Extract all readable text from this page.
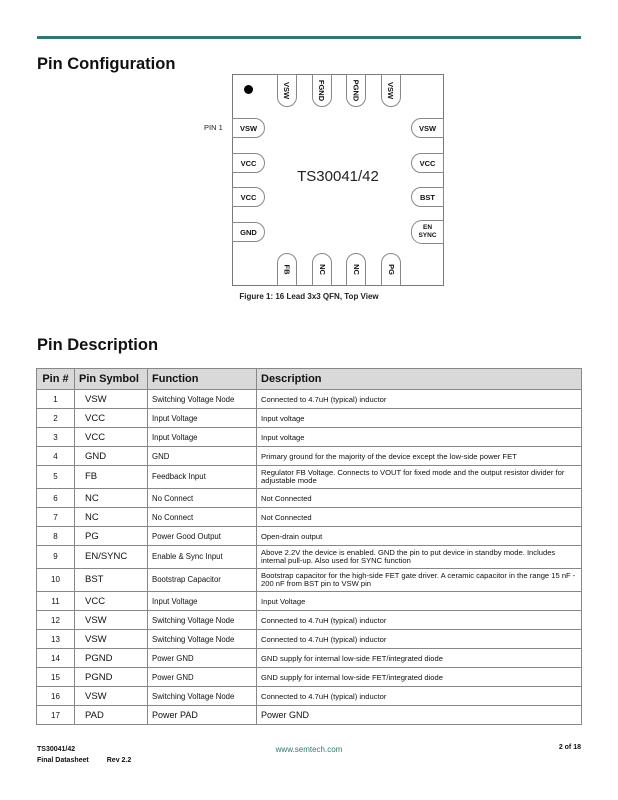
Pin Configuration
PIN 1
TS30041/42
VSW	FGND	PGND	VSW
VSW
VCC
VCC
GND
VSW
VCC
BST
EN
SYNC
FB	NC	NC	PG
Figure 1: 16 Lead 3x3 QFN, Top View
Pin Description
Pin #	Pin Symbol	Function	Description
1	VSW	Switching Voltage Node	Connected to 4.7uH (typical) inductor
2	VCC	Input Voltage	Input voltage
3	VCC	Input Voltage	Input voltage
4	GND	GND	Primary ground for the majority of the device except the low-side power FET
5	FB	Feedback Input	Regulator FB Voltage. Connects to VOUT for fixed mode and the output resistor divider for adjustable mode
6	NC	No Connect	Not Connected
7	NC	No Connect	Not Connected
8	PG	Power Good Output	Open-drain output
9	EN/SYNC	Enable & Sync Input	Above 2.2V the device is enabled. GND the pin to put device in standby mode. Includes internal pull-up. Also used for SYNC function
10	BST	Bootstrap Capacitor	Bootstrap capacitor for the high-side FET gate driver. A ceramic capacitor in the range 15 nF - 200 nF from BST pin to VSW pin
11	VCC	Input Voltage	Input Voltage
12	VSW	Switching Voltage Node	Connected to 4.7uH (typical) inductor
13	VSW	Switching Voltage Node	Connected to 4.7uH (typical) inductor
14	PGND	Power GND	GND supply for internal low-side FET/integrated diode
15	PGND	Power GND	GND supply for internal low-side FET/integrated diode
16	VSW	Switching Voltage Node	Connected to 4.7uH (typical) inductor
17	PAD	Power PAD	Power GND
TS30041/42
Final Datasheet	Rev 2.2
www.semtech.com	2 of 18
